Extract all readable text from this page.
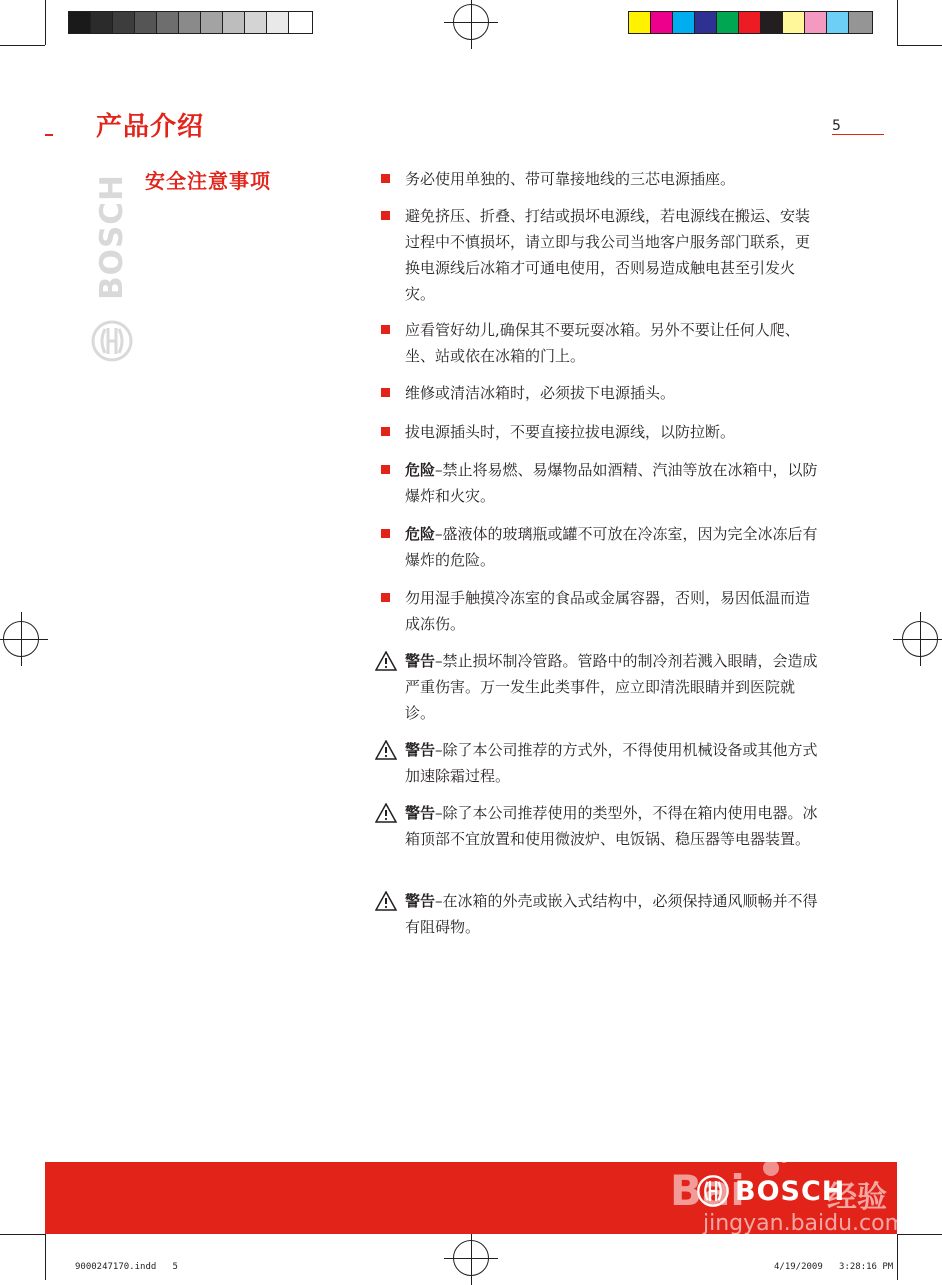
产品介绍	5
安全注意事项
BOSCH	务必使用单独的、带可靠接地线的三芯电源插座。
避免挤压、折叠、打结或损坏电源线，若电源线在搬运、安装过程中不慎损坏，请立即与我公司当地客户服务部门联系，更换电源线后冰箱才可通电使用，否则易造成触电甚至引发火灾。
应看管好幼儿,确保其不要玩耍冰箱。另外不要让任何人爬、坐、站或依在冰箱的门上。
维修或清洁冰箱时，必须拔下电源插头。
拔电源插头时，不要直接拉拔电源线，以防拉断。
危险–禁止将易燃、易爆物品如酒精、汽油等放在冰箱中，以防爆炸和火灾。
危险–盛液体的玻璃瓶或罐不可放在冷冻室，因为完全冰冻后有爆炸的危险。
勿用湿手触摸冷冻室的食品或金属容器，否则，易因低温而造成冻伤。
警告–禁止损坏制冷管路。管路中的制冷剂若溅入眼睛，会造成严重伤害。万一发生此类事件，应立即清洗眼睛并到医院就诊。
警告–除了本公司推荐的方式外，不得使用机械设备或其他方式加速除霜过程。
警告–除了本公司推荐使用的类型外，不得在箱内使用电器。冰箱顶部不宜放置和使用微波炉、电饭锅、稳压器等电器装置。
警告–在冰箱的外壳或嵌入式结构中，必须保持通风顺畅并不得有阻碍物。
Bai
BOSCH
经验
jingyan.baidu.com
9000247170.indd   5	4/19/2009   3:28:16 PM
